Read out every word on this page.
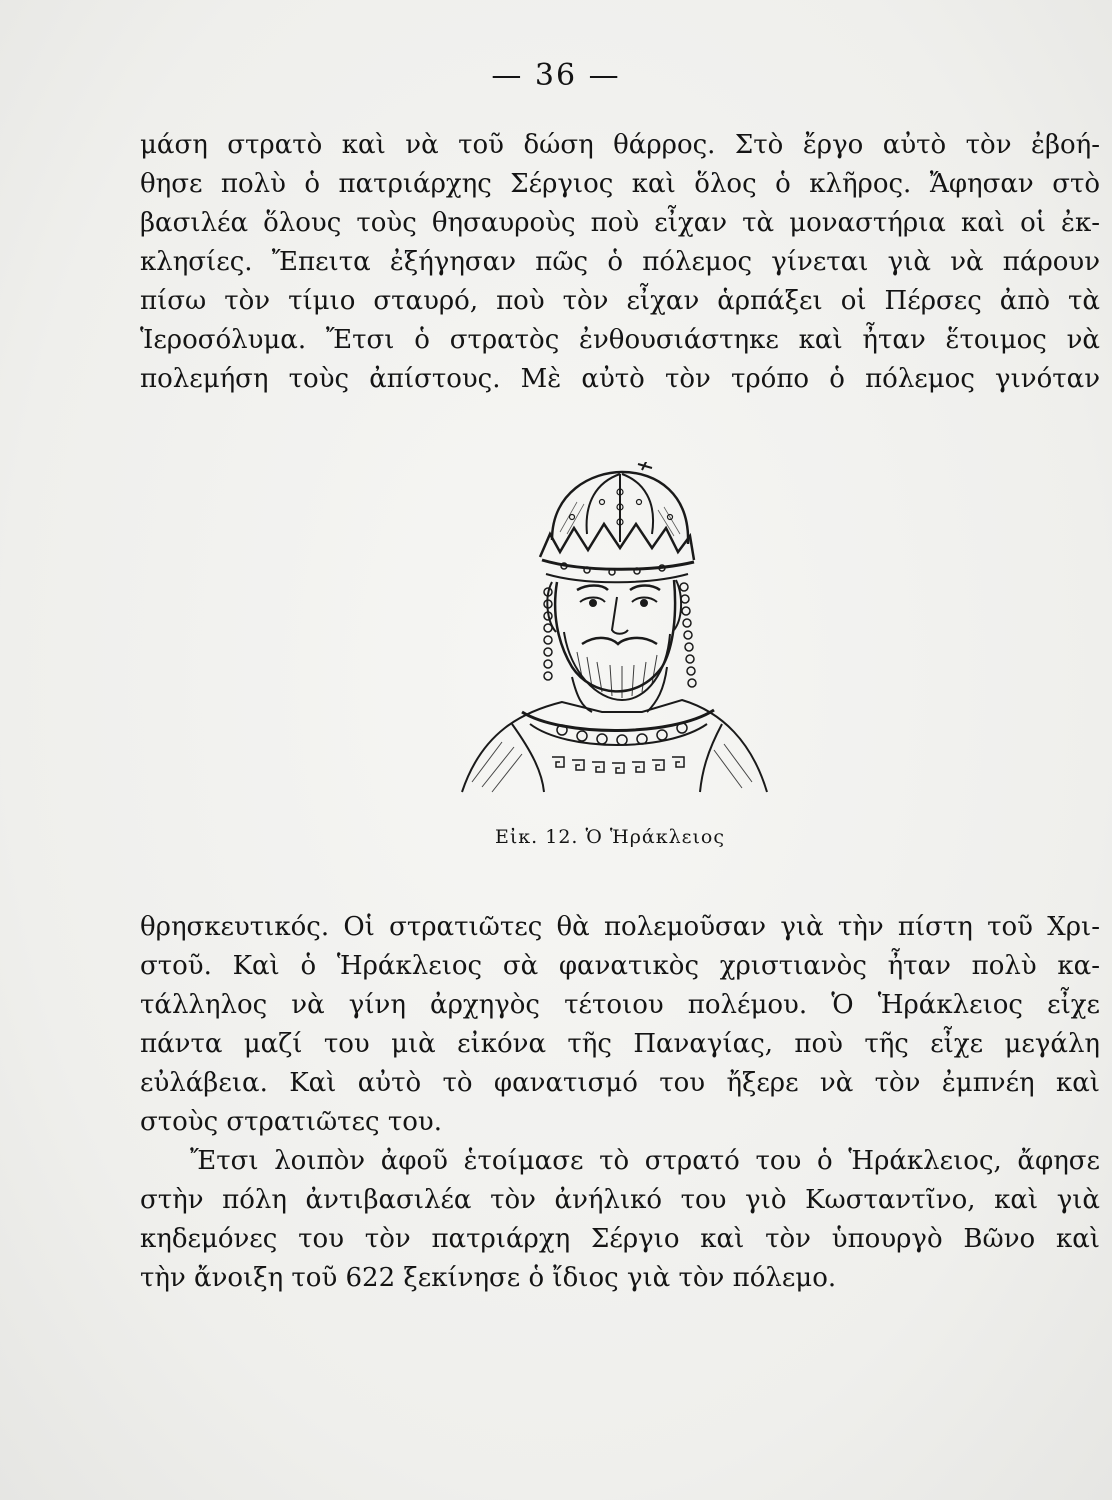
— 36 —
μάση στρατὸ καὶ νὰ τοῦ δώση θάρρος. Στὸ ἔργο αὐτὸ τὸν ἐβοή-
θησε πολὺ ὁ πατριάρχης Σέργιος καὶ ὅλος ὁ κλῆρος. Ἄφησαν στὸ
βασιλέα ὅλους τοὺς θησαυροὺς ποὺ εἶχαν τὰ μοναστήρια καὶ οἱ ἐκ-
κλησίες. Ἔπειτα ἐξήγησαν πῶς ὁ πόλεμος γίνεται γιὰ νὰ πάρουν
πίσω τὸν τίμιο σταυρό, ποὺ τὸν εἶχαν ἁρπάξει οἱ Πέρσες ἀπὸ τὰ
Ἱεροσόλυμα. Ἔτσι ὁ στρατὸς ἐνθουσιάστηκε καὶ ἦταν ἕτοιμος νὰ
πολεμήση τοὺς ἀπίστους. Μὲ αὐτὸ τὸν τρόπο ὁ πόλεμος γινόταν
Εἰκ. 12. Ὁ Ἡράκλειος
θρησκευτικός. Οἱ στρατιῶτες θὰ πολεμοῦσαν γιὰ τὴν πίστη τοῦ Χρι-
στοῦ. Καὶ ὁ Ἡράκλειος σὰ φανατικὸς χριστιανὸς ἦταν πολὺ κα-
τάλληλος νὰ γίνη ἀρχηγὸς τέτοιου πολέμου. Ὁ Ἡράκλειος εἶχε
πάντα μαζί του μιὰ εἰκόνα τῆς Παναγίας, ποὺ τῆς εἶχε μεγάλη
εὐλάβεια. Καὶ αὐτὸ τὸ φανατισμό του ἤξερε νὰ τὸν ἐμπνέη καὶ
στοὺς στρατιῶτες του.
Ἔτσι λοιπὸν ἀφοῦ ἑτοίμασε τὸ στρατό του ὁ Ἡράκλειος, ἄφησε
στὴν πόλη ἀντιβασιλέα τὸν ἀνήλικό του γιὸ Κωσταντῖνο, καὶ γιὰ
κηδεμόνες του τὸν πατριάρχη Σέργιο καὶ τὸν ὑπουργὸ Βῶνο καὶ
τὴν ἄνοιξη τοῦ 622 ξεκίνησε ὁ ἴδιος γιὰ τὸν πόλεμο.
